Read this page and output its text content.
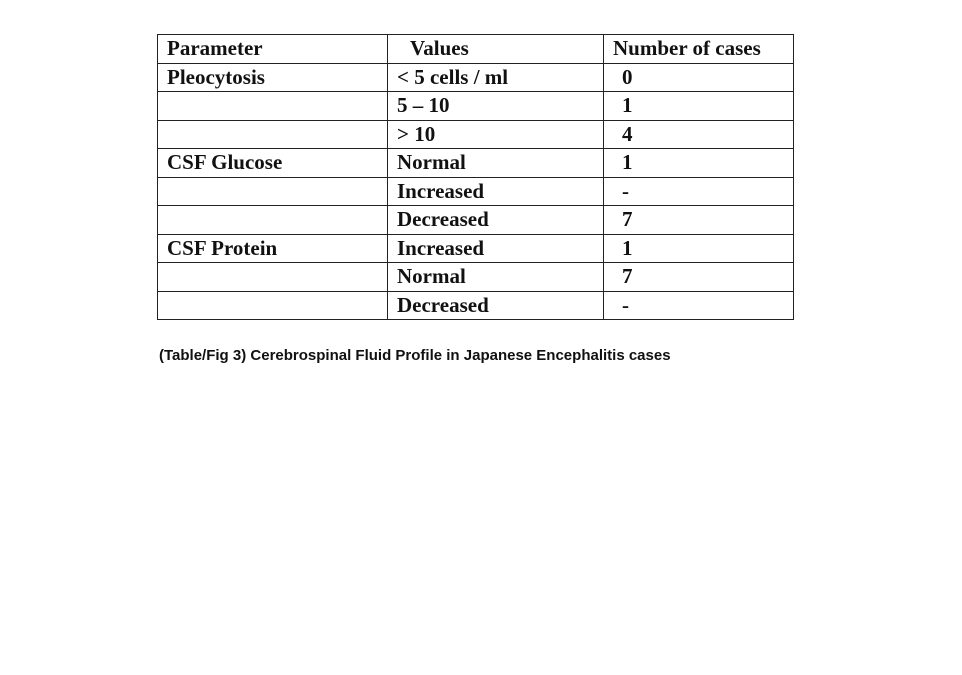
Parameter	Values	Number of cases
Pleocytosis	< 5 cells / ml	0
	5 – 10	1
	> 10	4
CSF Glucose	Normal	1
	Increased	-
	Decreased	7
CSF Protein	Increased	1
	Normal	7
	Decreased	-
(Table/Fig 3) Cerebrospinal Fluid Profile in Japanese Encephalitis cases
